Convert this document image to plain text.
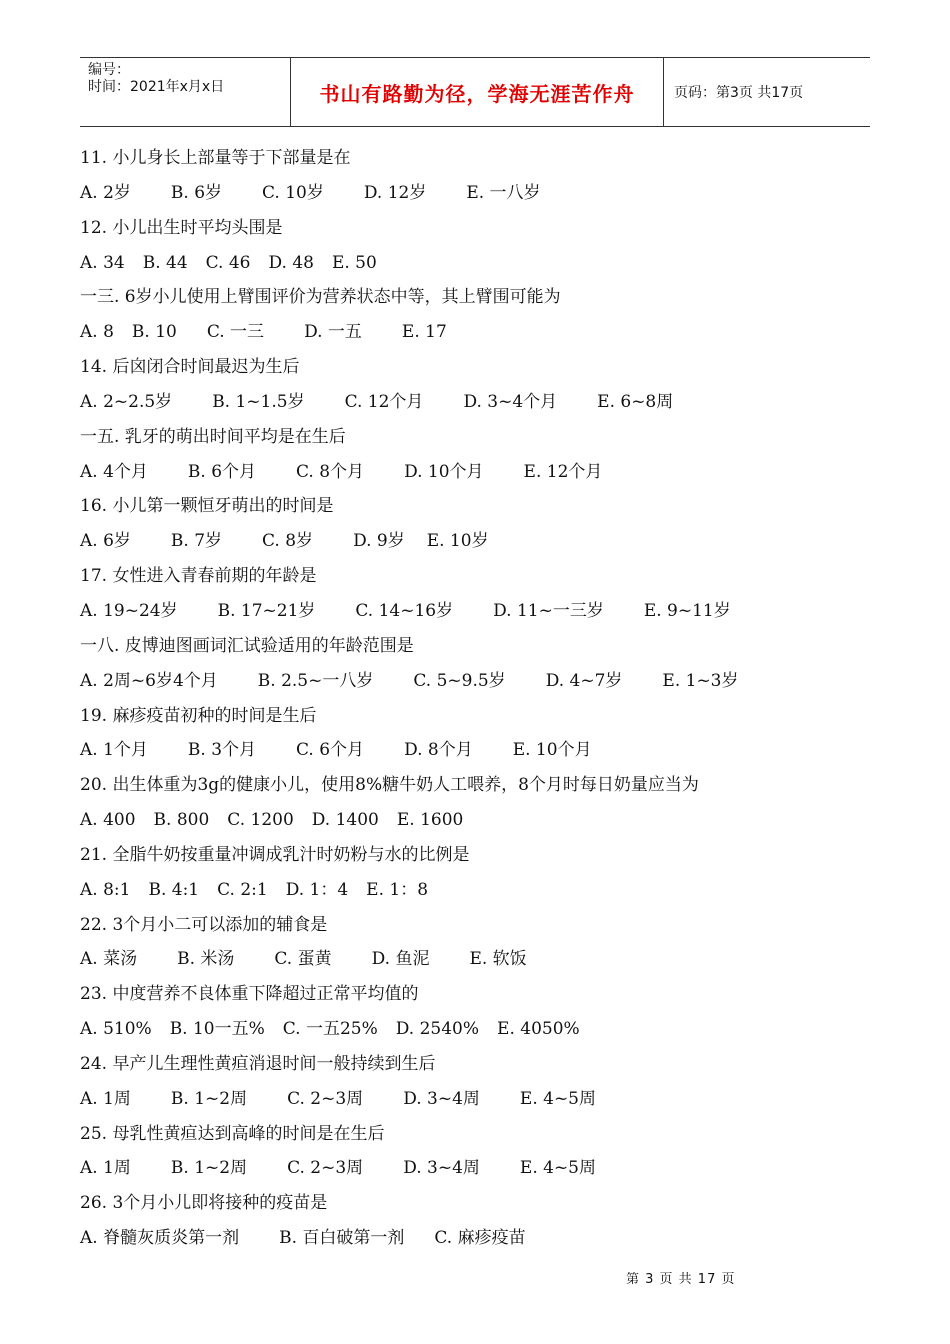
编号：
时间：2021年x月x日	书山有路勤为径，学海无涯苦作舟	页码：第3页 共17页
11. 小儿身长上部量等于下部量是在
A. 2岁 B. 6岁 C. 10岁 D. 12岁 E. 一八岁
12. 小儿出生时平均头围是
A. 34 B. 44 C. 46 D. 48 E. 50
一三. 6岁小儿使用上臂围评价为营养状态中等，其上臂围可能为
A. 8 B. 10 C. 一三 D. 一五 E. 17
14. 后囟闭合时间最迟为生后
A. 2~2.5岁 B. 1~1.5岁 C. 12个月 D. 3~4个月 E. 6~8周
一五. 乳牙的萌出时间平均是在生后
A. 4个月 B. 6个月 C. 8个月 D. 10个月 E. 12个月
16. 小儿第一颗恒牙萌出的时间是
A. 6岁 B. 7岁 C. 8岁 D. 9岁 E. 10岁
17. 女性进入青春前期的年龄是
A. 19~24岁 B. 17~21岁 C. 14~16岁 D. 11~一三岁 E. 9~11岁
一八. 皮博迪图画词汇试验适用的年龄范围是
A. 2周~6岁4个月 B. 2.5~一八岁 C. 5~9.5岁 D. 4~7岁 E. 1~3岁
19. 麻疹疫苗初种的时间是生后
A. 1个月 B. 3个月 C. 6个月 D. 8个月 E. 10个月
20. 出生体重为3g的健康小儿，使用8%糖牛奶人工喂养，8个月时每日奶量应当为
A. 400 B. 800 C. 1200 D. 1400 E. 1600
21. 全脂牛奶按重量冲调成乳汁时奶粉与水的比例是
A. 8:1 B. 4:1 C. 2:1 D. 1：4 E. 1：8
22. 3个月小二可以添加的辅食是
A. 菜汤 B. 米汤 C. 蛋黄 D. 鱼泥 E. 软饭
23. 中度营养不良体重下降超过正常平均值的
A. 510% B. 10一五% C. 一五25% D. 2540% E. 4050%
24. 早产儿生理性黄疸消退时间一般持续到生后
A. 1周 B. 1~2周 C. 2~3周 D. 3~4周 E. 4~5周
25. 母乳性黄疸达到高峰的时间是在生后
A. 1周 B. 1~2周 C. 2~3周 D. 3~4周 E. 4~5周
26. 3个月小儿即将接种的疫苗是
A. 脊髓灰质炎第一剂 B. 百白破第一剂 C. 麻疹疫苗
第 3 页 共 17 页
